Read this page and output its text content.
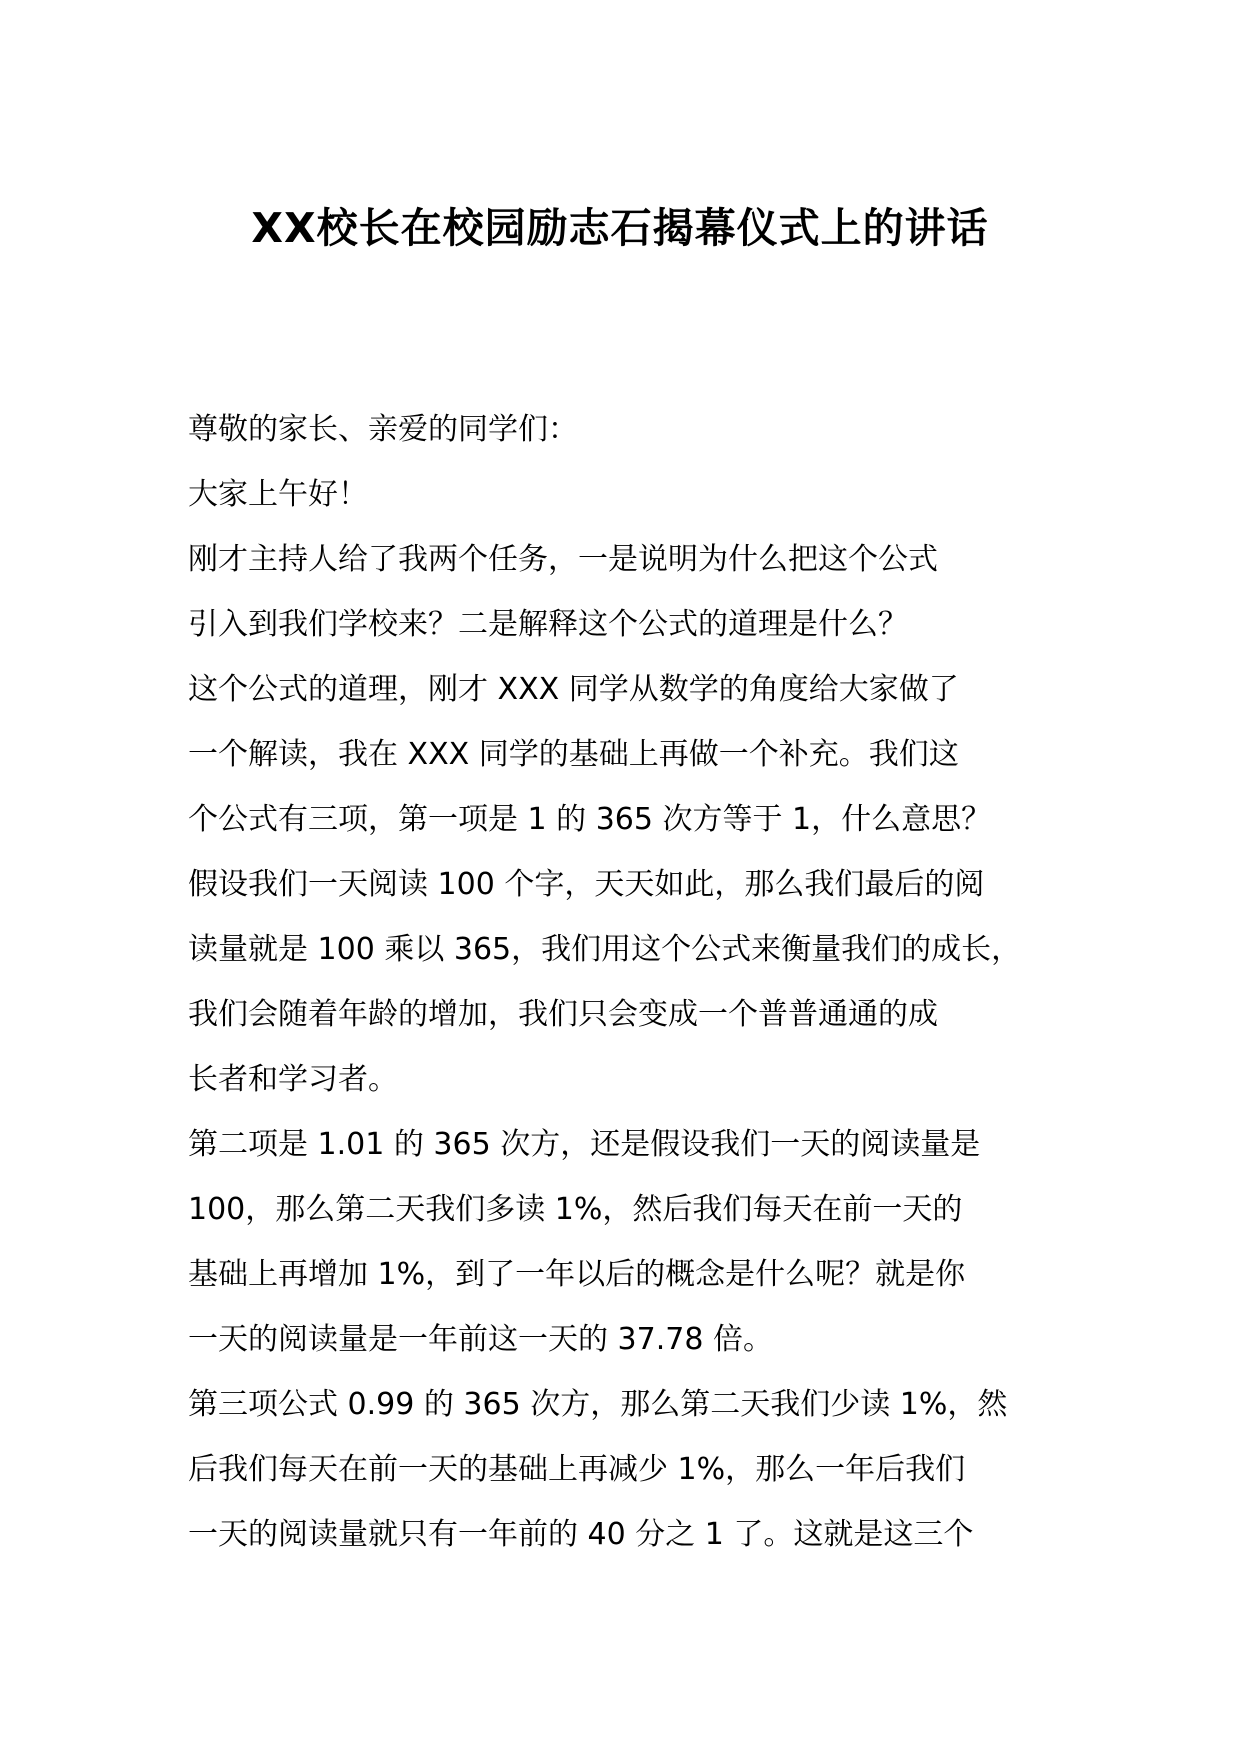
XX校长在校园励志石揭幕仪式上的讲话

尊敬的家长、亲爱的同学们：

大家上午好！

刚才主持人给了我两个任务，一是说明为什么把这个公式
引入到我们学校来？二是解释这个公式的道理是什么？

这个公式的道理，刚才 XXX 同学从数学的角度给大家做了
一个解读，我在 XXX 同学的基础上再做一个补充。我们这
个公式有三项，第一项是 1 的 365 次方等于 1，什么意思？
假设我们一天阅读 100 个字，天天如此，那么我们最后的阅
读量就是 100 乘以 365，我们用这个公式来衡量我们的成长，
我们会随着年龄的增加，我们只会变成一个普普通通的成
长者和学习者。

第二项是 1.01 的 365 次方，还是假设我们一天的阅读量是
100，那么第二天我们多读 1%，然后我们每天在前一天的
基础上再增加 1%，到了一年以后的概念是什么呢？就是你
一天的阅读量是一年前这一天的 37.78 倍。

第三项公式 0.99 的 365 次方，那么第二天我们少读 1%，然
后我们每天在前一天的基础上再减少 1%，那么一年后我们
一天的阅读量就只有一年前的 40 分之 1 了。这就是这三个
